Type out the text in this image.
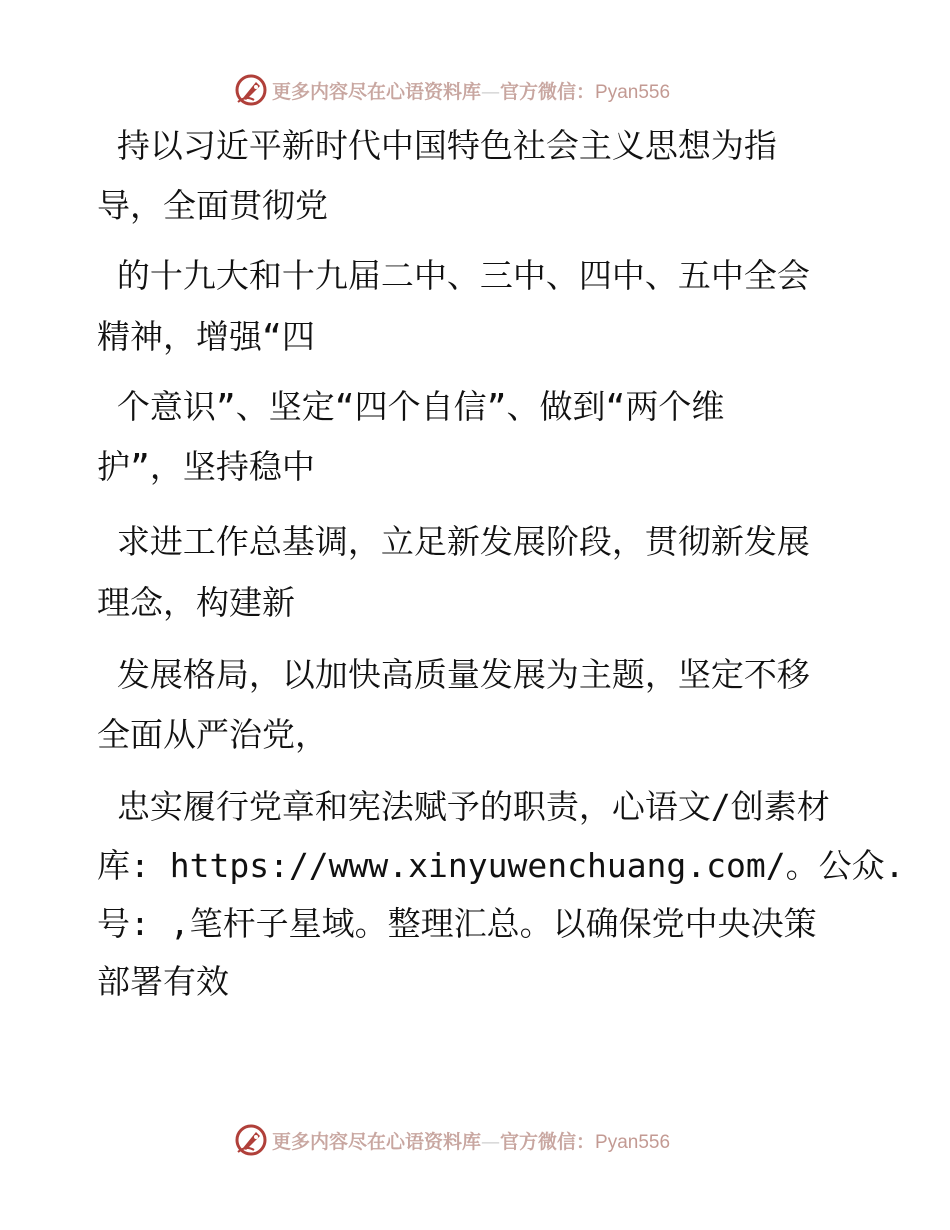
更多内容尽在心语资料库—官方微信：Pyan556
持以习近平新时代中国特色社会主义思想为指
导，全面贯彻党
的十九大和十九届二中、三中、四中、五中全会
精神，增强“四
个意识”、坚定“四个自信”、做到“两个维
护”，坚持稳中
求进工作总基调，立足新发展阶段，贯彻新发展
理念，构建新
发展格局，以加快高质量发展为主题，坚定不移
全面从严治党，
忠实履行党章和宪法赋予的职责，心语文/创素材
库: https://www.xinyuwenchuang.com/。公众.
号: ,笔杆子星域。整理汇总。以确保党中央决策
部署有效
更多内容尽在心语资料库—官方微信：Pyan556
